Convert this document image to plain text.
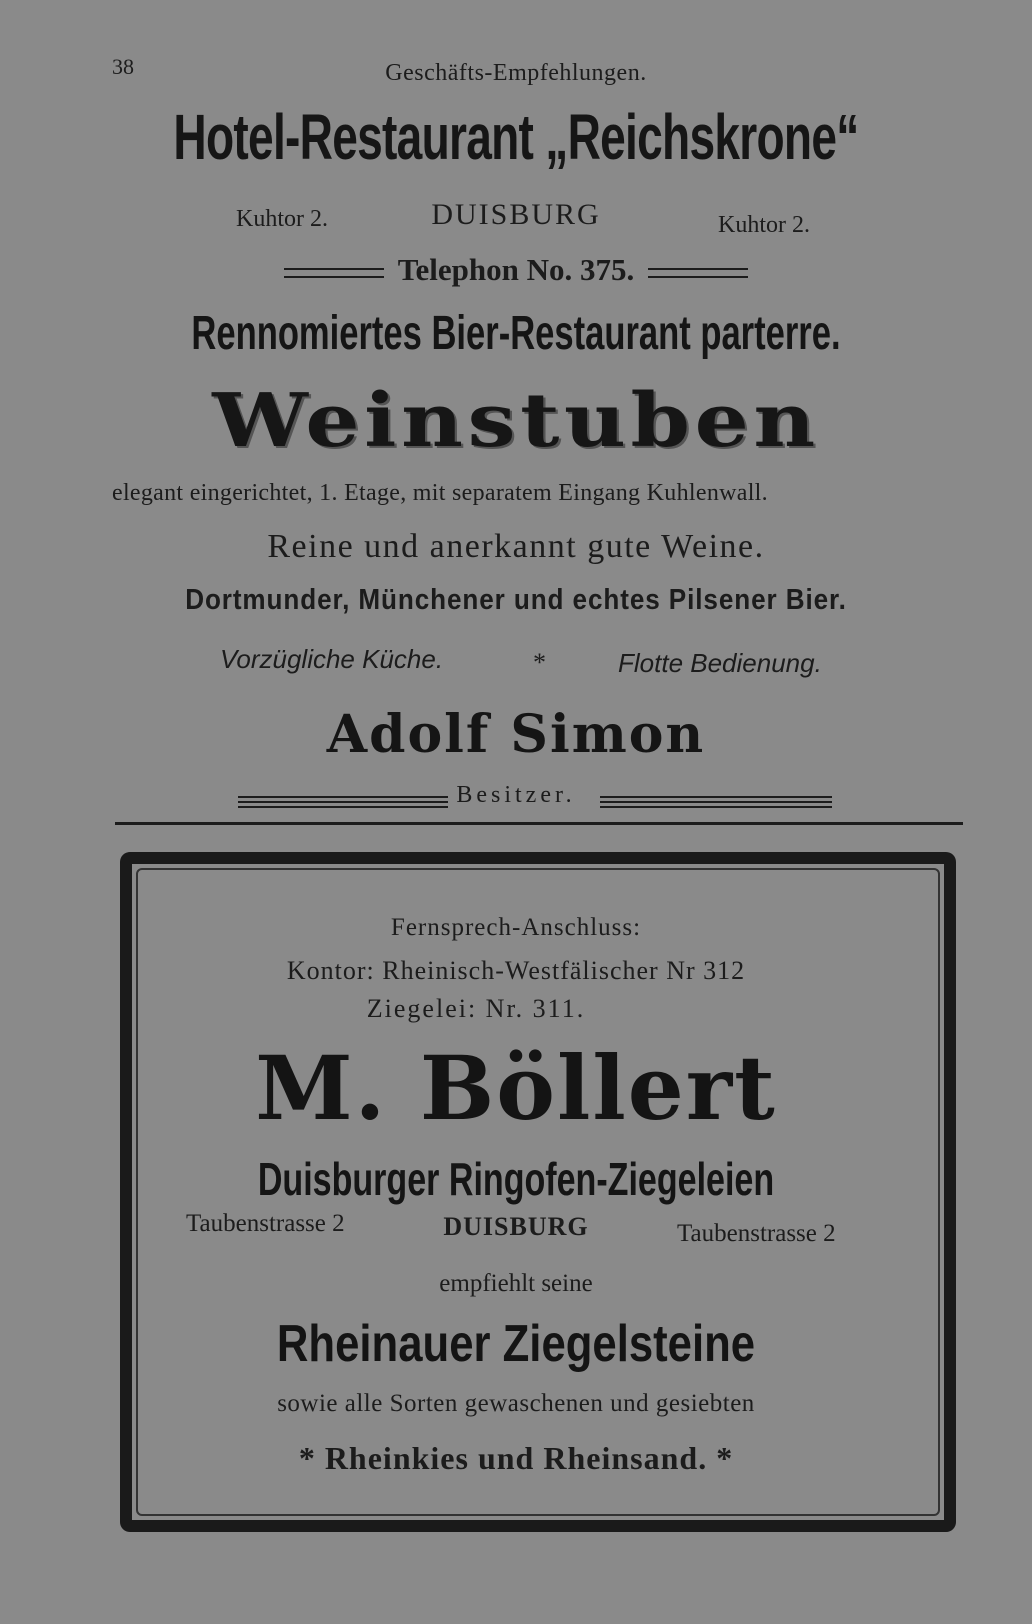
38	Geschäfts-Empfehlungen.
Hotel-Restaurant „Reichskrone“
Kuhtor 2.	DUISBURG	Kuhtor 2.
Telephon No. 375.
Rennomiertes Bier-Restaurant parterre.
Weinstuben
elegant eingerichtet, 1. Etage, mit separatem Eingang Kuhlenwall.
Reine und anerkannt gute Weine.
Dortmunder, Münchener und echtes Pilsener Bier.
Vorzügliche Küche.	*	Flotte Bedienung.
Adolf Simon
Besitzer.
Fernsprech-Anschluss:
Kontor: Rheinisch-Westfälischer Nr 312
Ziegelei: Nr. 311.
M. Böllert
Duisburger Ringofen-Ziegeleien
Taubenstrasse 2	DUISBURG	Taubenstrasse 2
empfiehlt seine
Rheinauer Ziegelsteine
sowie alle Sorten gewaschenen und gesiebten
* Rheinkies und Rheinsand. *
